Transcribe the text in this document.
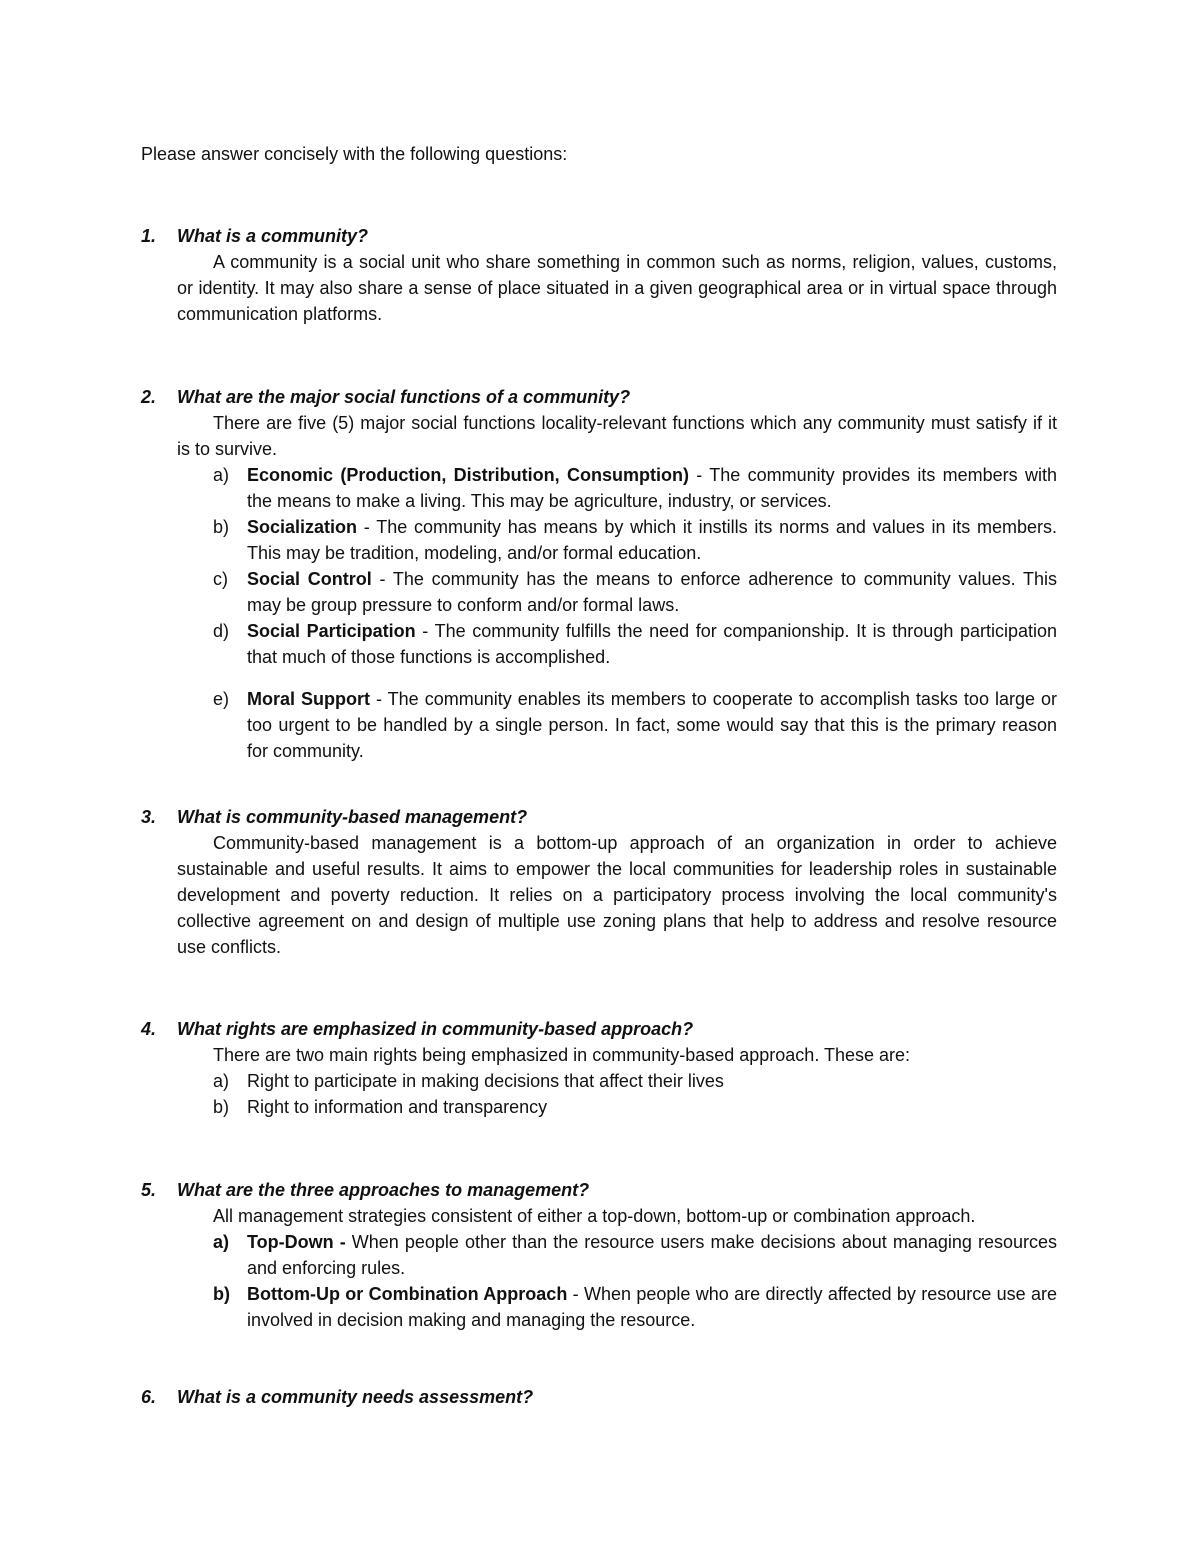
Please answer concisely with the following questions:
1. What is a community?
A community is a social unit who share something in common such as norms, religion, values, customs, or identity. It may also share a sense of place situated in a given geographical area or in virtual space through communication platforms.
2. What are the major social functions of a community?
There are five (5) major social functions locality-relevant functions which any community must satisfy if it is to survive.
a) Economic (Production, Distribution, Consumption) - The community provides its members with the means to make a living. This may be agriculture, industry, or services.
b) Socialization - The community has means by which it instills its norms and values in its members. This may be tradition, modeling, and/or formal education.
c) Social Control - The community has the means to enforce adherence to community values. This may be group pressure to conform and/or formal laws.
d) Social Participation - The community fulfills the need for companionship. It is through participation that much of those functions is accomplished.
e) Moral Support - The community enables its members to cooperate to accomplish tasks too large or too urgent to be handled by a single person. In fact, some would say that this is the primary reason for community.
3. What is community-based management?
Community-based management is a bottom-up approach of an organization in order to achieve sustainable and useful results. It aims to empower the local communities for leadership roles in sustainable development and poverty reduction. It relies on a participatory process involving the local community's collective agreement on and design of multiple use zoning plans that help to address and resolve resource use conflicts.
4. What rights are emphasized in community-based approach?
There are two main rights being emphasized in community-based approach. These are:
a) Right to participate in making decisions that affect their lives
b) Right to information and transparency
5. What are the three approaches to management?
All management strategies consistent of either a top-down, bottom-up or combination approach.
a) Top-Down - When people other than the resource users make decisions about managing resources and enforcing rules.
b) Bottom-Up or Combination Approach - When people who are directly affected by resource use are involved in decision making and managing the resource.
6. What is a community needs assessment?
